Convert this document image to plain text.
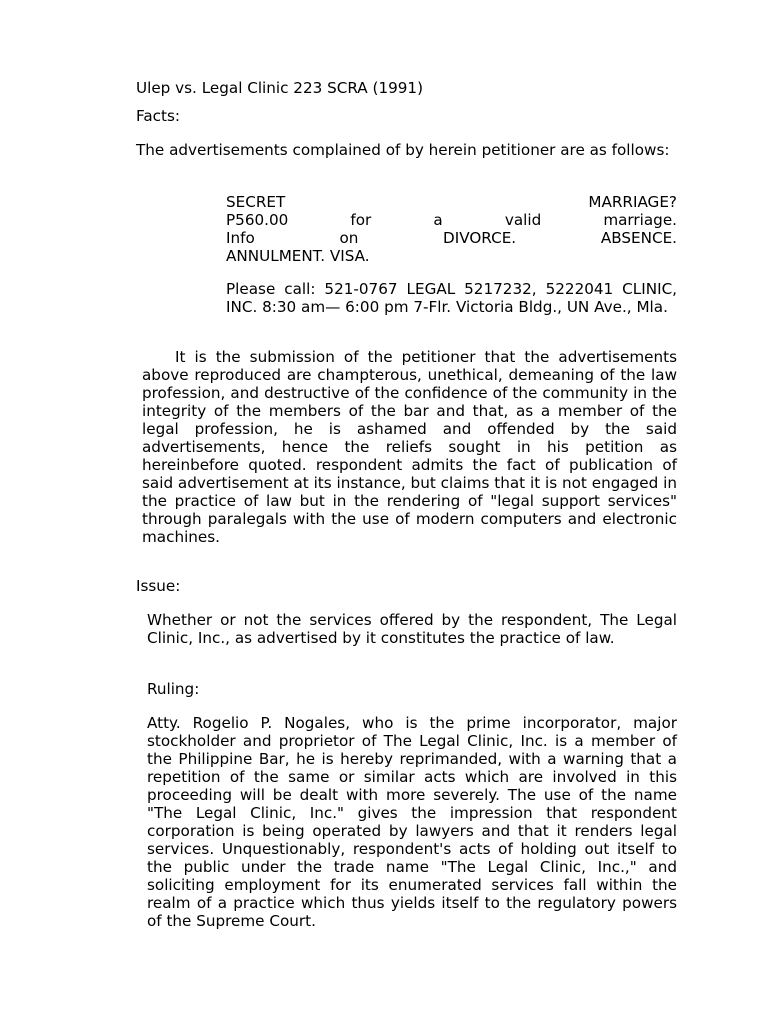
Ulep vs. Legal Clinic 223 SCRA (1991)

Facts:

The advertisements complained of by herein petitioner are as follows:

SECRET MARRIAGE?

P560.00 for a valid marriage.

Info on DIVORCE. ABSENCE.

ANNULMENT. VISA.

Please call: 521-0767 LEGAL 5217232, 5222041 CLINIC, INC. 8:30 am— 6:00 pm 7-Flr. Victoria Bldg., UN Ave., Mla.

It is the submission of the petitioner that the advertisements above reproduced are champterous, unethical, demeaning of the law profession, and destructive of the confidence of the community in the integrity of the members of the bar and that, as a member of the legal profession, he is ashamed and offended by the said advertisements, hence the reliefs sought in his petition as hereinbefore quoted. respondent admits the fact of publication of said advertisement at its instance, but claims that it is not engaged in the practice of law but in the rendering of "legal support services" through paralegals with the use of modern computers and electronic machines.

Issue:

Whether or not the services offered by the respondent, The Legal Clinic, Inc., as advertised by it constitutes the practice of law.

Ruling:

Atty. Rogelio P. Nogales, who is the prime incorporator, major stockholder and proprietor of The Legal Clinic, Inc. is a member of the Philippine Bar, he is hereby reprimanded, with a warning that a repetition of the same or similar acts which are involved in this proceeding will be dealt with more severely. The use of the name "The Legal Clinic, Inc." gives the impression that respondent corporation is being operated by lawyers and that it renders legal services. Unquestionably, respondent's acts of holding out itself to the public under the trade name "The Legal Clinic, Inc.," and soliciting employment for its enumerated services fall within the realm of a practice which thus yields itself to the regulatory powers of the Supreme Court.
